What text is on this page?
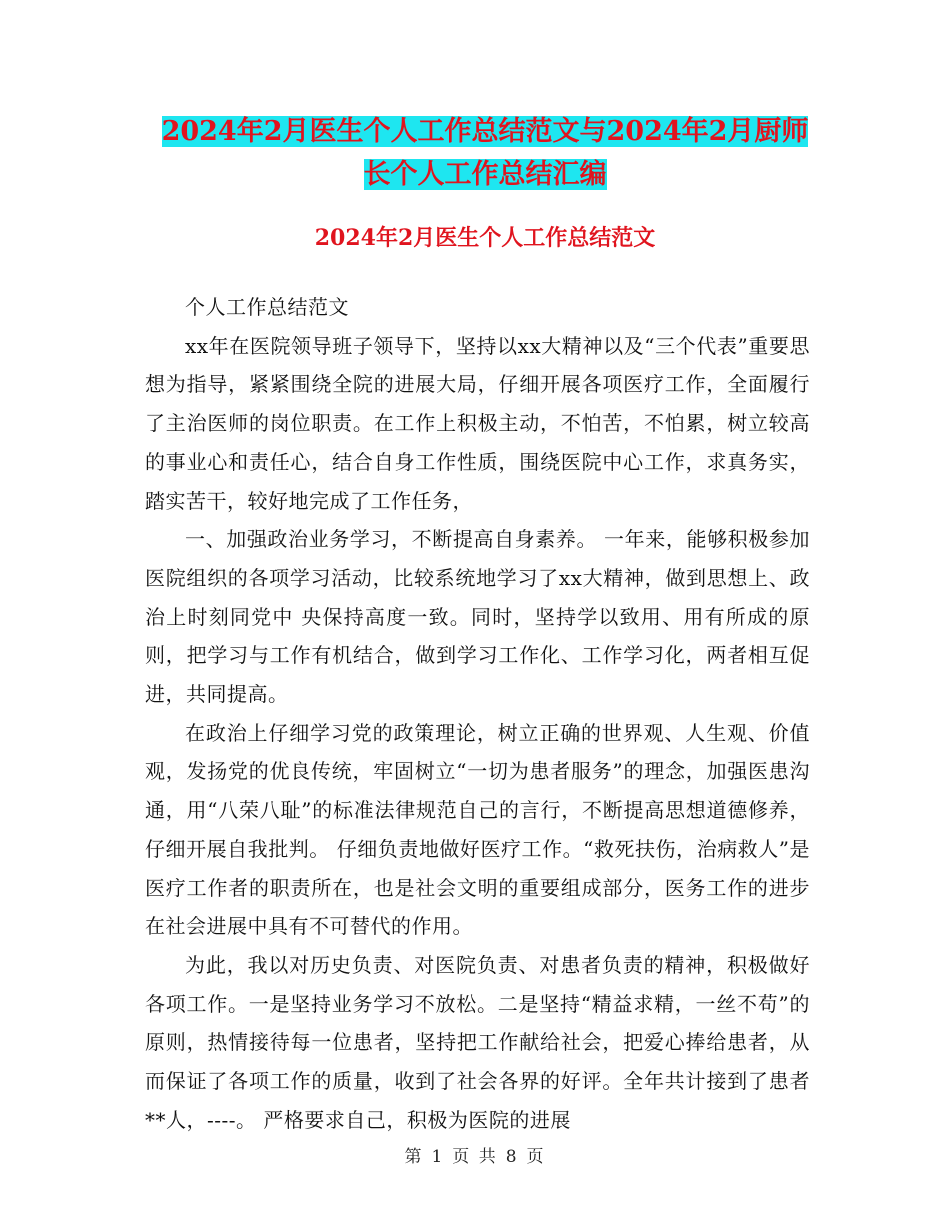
2024年2月医生个人工作总结范文与2024年2月厨师
长个人工作总结汇编
2024年2月医生个人工作总结范文

个人工作总结范文

xx年在医院领导班子领导下，坚持以xx大精神以及“三个代表”重要思想为指导，紧紧围绕全院的进展大局，仔细开展各项医疗工作，全面履行了主治医师的岗位职责。在工作上积极主动，不怕苦，不怕累，树立较高的事业心和责任心，结合自身工作性质，围绕医院中心工作，求真务实，踏实苦干，较好地完成了工作任务，

一、加强政治业务学习，不断提高自身素养。 一年来，能够积极参加医院组织的各项学习活动，比较系统地学习了xx大精神，做到思想上、政治上时刻同党中 央保持高度一致。同时，坚持学以致用、用有所成的原则，把学习与工作有机结合，做到学习工作化、工作学习化，两者相互促进，共同提高。

在政治上仔细学习党的政策理论，树立正确的世界观、人生观、价值观，发扬党的优良传统，牢固树立“一切为患者服务”的理念，加强医患沟通，用“八荣八耻”的标准法律规范自己的言行，不断提高思想道德修养，仔细开展自我批判。 仔细负责地做好医疗工作。“救死扶伤，治病救人”是医疗工作者的职责所在，也是社会文明的重要组成部分，医务工作的进步在社会进展中具有不可替代的作用。

为此，我以对历史负责、对医院负责、对患者负责的精神，积极做好各项工作。一是坚持业务学习不放松。二是坚持“精益求精，一丝不苟”的原则，热情接待每一位患者，坚持把工作献给社会，把爱心捧给患者，从而保证了各项工作的质量，收到了社会各界的好评。全年共计接到了患者**人，----。 严格要求自己，积极为医院的进展

第 1 页 共 8 页
